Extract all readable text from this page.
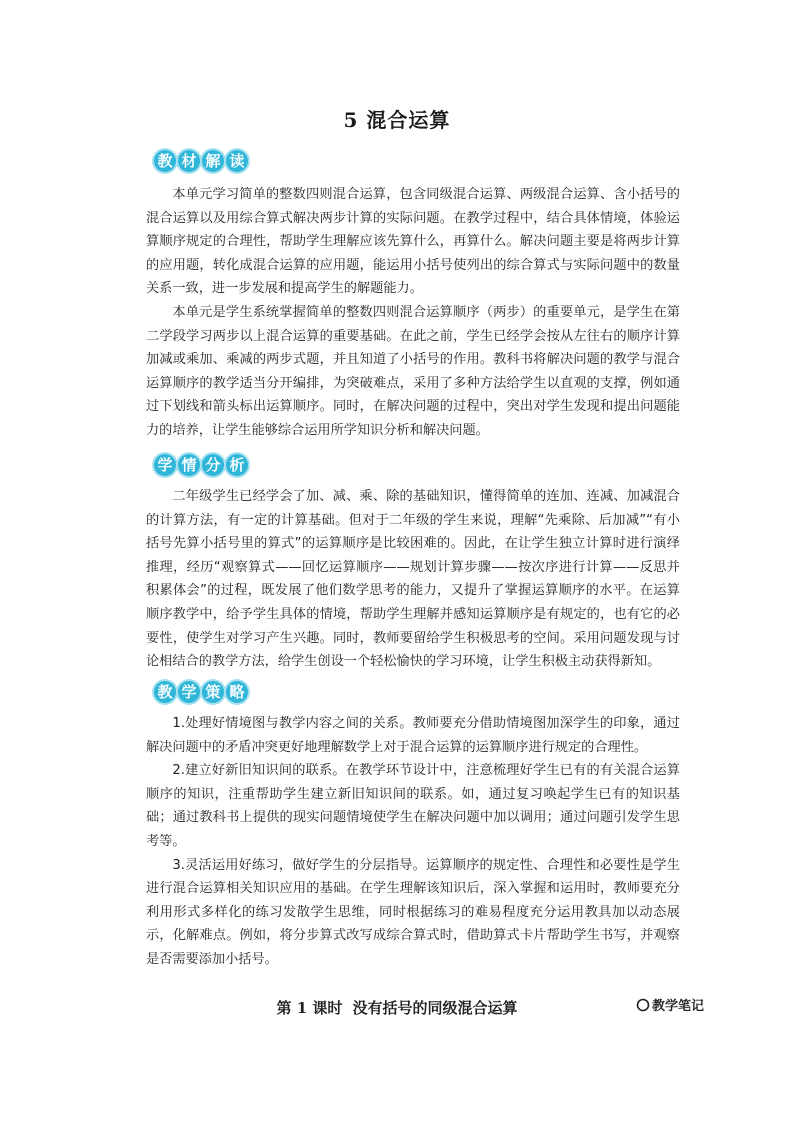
5 混合运算
教 材 解 读

本单元学习简单的整数四则混合运算，包含同级混合运算、两级混合运算、含小括号的混合运算以及用综合算式解决两步计算的实际问题。在教学过程中，结合具体情境，体验运算顺序规定的合理性，帮助学生理解应该先算什么，再算什么。解决问题主要是将两步计算的应用题，转化成混合运算的应用题，能运用小括号使列出的综合算式与实际问题中的数量关系一致，进一步发展和提高学生的解题能力。

本单元是学生系统掌握简单的整数四则混合运算顺序（两步）的重要单元，是学生在第二学段学习两步以上混合运算的重要基础。在此之前，学生已经学会按从左往右的顺序计算加减或乘加、乘减的两步式题，并且知道了小括号的作用。教科书将解决问题的教学与混合运算顺序的教学适当分开编排，为突破难点，采用了多种方法给学生以直观的支撑，例如通过下划线和箭头标出运算顺序。同时，在解决问题的过程中，突出对学生发现和提出问题能力的培养，让学生能够综合运用所学知识分析和解决问题。

学 情 分 析

二年级学生已经学会了加、减、乘、除的基础知识，懂得简单的连加、连减、加减混合的计算方法，有一定的计算基础。但对于二年级的学生来说，理解“先乘除、后加减”“有小括号先算小括号里的算式”的运算顺序是比较困难的。因此，在让学生独立计算时进行演绎推理，经历“观察算式——回忆运算顺序——规划计算步骤——按次序进行计算——反思并积累体会”的过程，既发展了他们数学思考的能力，又提升了掌握运算顺序的水平。在运算顺序教学中，给予学生具体的情境，帮助学生理解并感知运算顺序是有规定的，也有它的必要性，使学生对学习产生兴趣。同时，教师要留给学生积极思考的空间。采用问题发现与讨论相结合的教学方法，给学生创设一个轻松愉快的学习环境，让学生积极主动获得新知。

教 学 策 略

1.处理好情境图与教学内容之间的关系。教师要充分借助情境图加深学生的印象，通过解决问题中的矛盾冲突更好地理解数学上对于混合运算的运算顺序进行规定的合理性。

2.建立好新旧知识间的联系。在教学环节设计中，注意梳理好学生已有的有关混合运算顺序的知识，注重帮助学生建立新旧知识间的联系。如，通过复习唤起学生已有的知识基础；通过教科书上提供的现实问题情境使学生在解决问题中加以调用；通过问题引发学生思考等。

3.灵活运用好练习，做好学生的分层指导。运算顺序的规定性、合理性和必要性是学生进行混合运算相关知识应用的基础。在学生理解该知识后，深入掌握和运用时，教师要充分利用形式多样化的练习发散学生思维，同时根据练习的难易程度充分运用教具加以动态展示，化解难点。例如，将分步算式改写成综合算式时，借助算式卡片帮助学生书写，并观察是否需要添加小括号。

第 1 课时 没有括号的同级混合运算	教学笔记
